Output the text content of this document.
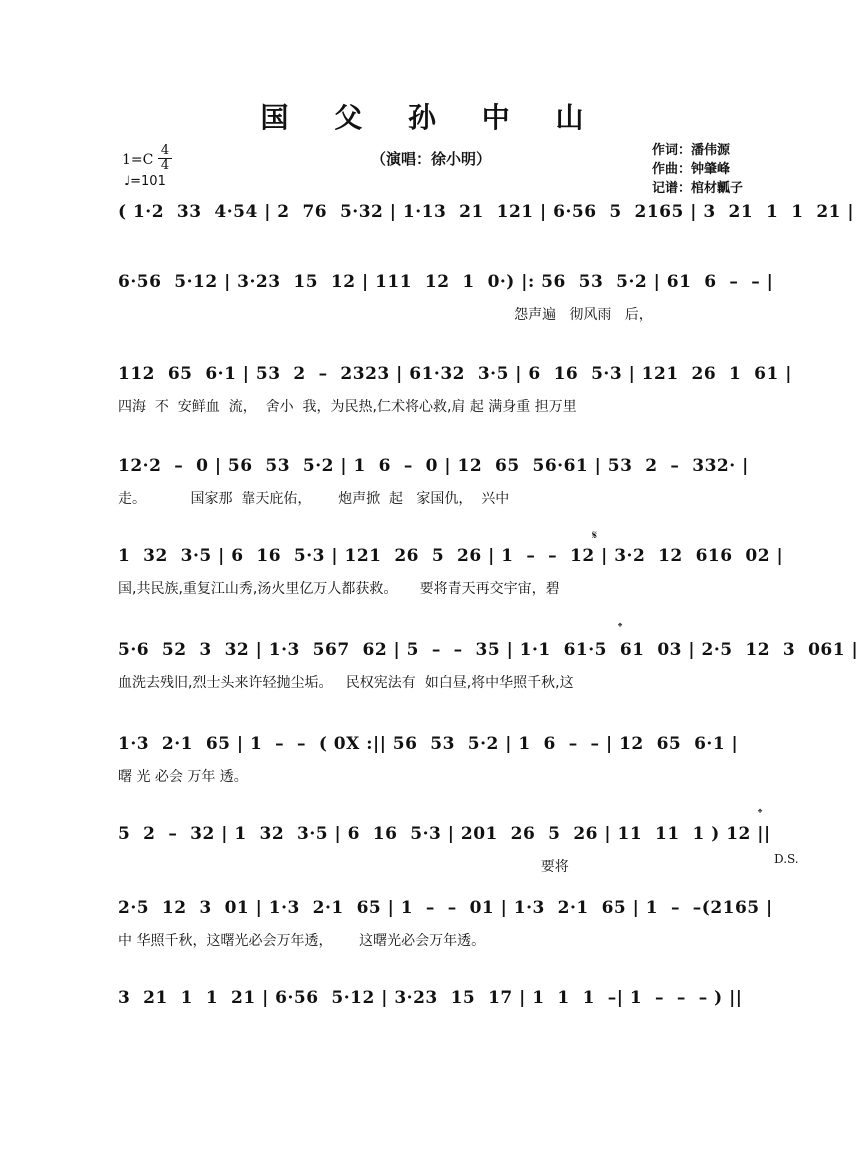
国 父 孙 中 山
（演唱：徐小明）
$1=C \frac{4}{4}$
♩=101
作词：潘伟源
作曲：钟肇峰
记谱：棺材瓤子
( 1·2  33  4·54 | 2  76  5·32 | 1·13  21  121 | 6·56  5  2165 | 3  21  1  1  21 |
6·56  5·12 | 3·23  15  12 | 111  12  1  0·) |: 56  53  5·2 | 61  6  –  – |
怨声遍   彻风雨   后，
112  65  6·1 | 53  2  –  2323 | 61·32  3·5 | 6  16  5·3 | 121  26  1  61 |
四海  不  安鲜血  流，  舍小  我，为民热,仁术将心救,肩 起 满身重 担万里
12·2  –  0 | 56  53  5·2 | 1  6  –  0 | 12  65  56·61 | 53  2  –  332· |
走。          国家那  靠天庇佑，      炮声掀  起   家国仇，  兴中
𝄋
1  32  3·5 | 6  16  5·3 | 121  26  5  26 | 1  –  –  12 | 3·2  12  616  02 |
国,共民族,重复江山秀,汤火里亿万人都获救。     要将青天再交宇宙，碧
𝄌
5·6  52  3  32 | 1·3  567  62 | 5  –  –  35 | 1·1  61·5  61  03 | 2·5  12  3  061 |
血洗去残旧,烈士头来许轻抛尘垢。   民权宪法有  如白昼,将中华照千秋,这
1·3  2·1  65 | 1  –  –  ( 0X :|| 56  53  5·2 | 1  6  –  – | 12  65  6·1 |
曙 光 必会 万年 透。
𝄌
5  2  –  32 | 1  32  3·5 | 6  16  5·3 | 201  26  5  26 | 11  11  1 ) 12 ||
要将	D.S.
2·5  12  3  01 | 1·3  2·1  65 | 1  –  –  01 | 1·3  2·1  65 | 1  –  –(2165 |
中 华照千秋，这曙光必会万年透，      这曙光必会万年透。
3  21  1  1  21 | 6·56  5·12 | 3·23  15  17 | 1  1  1  –| 1  –  –  – ) ||
